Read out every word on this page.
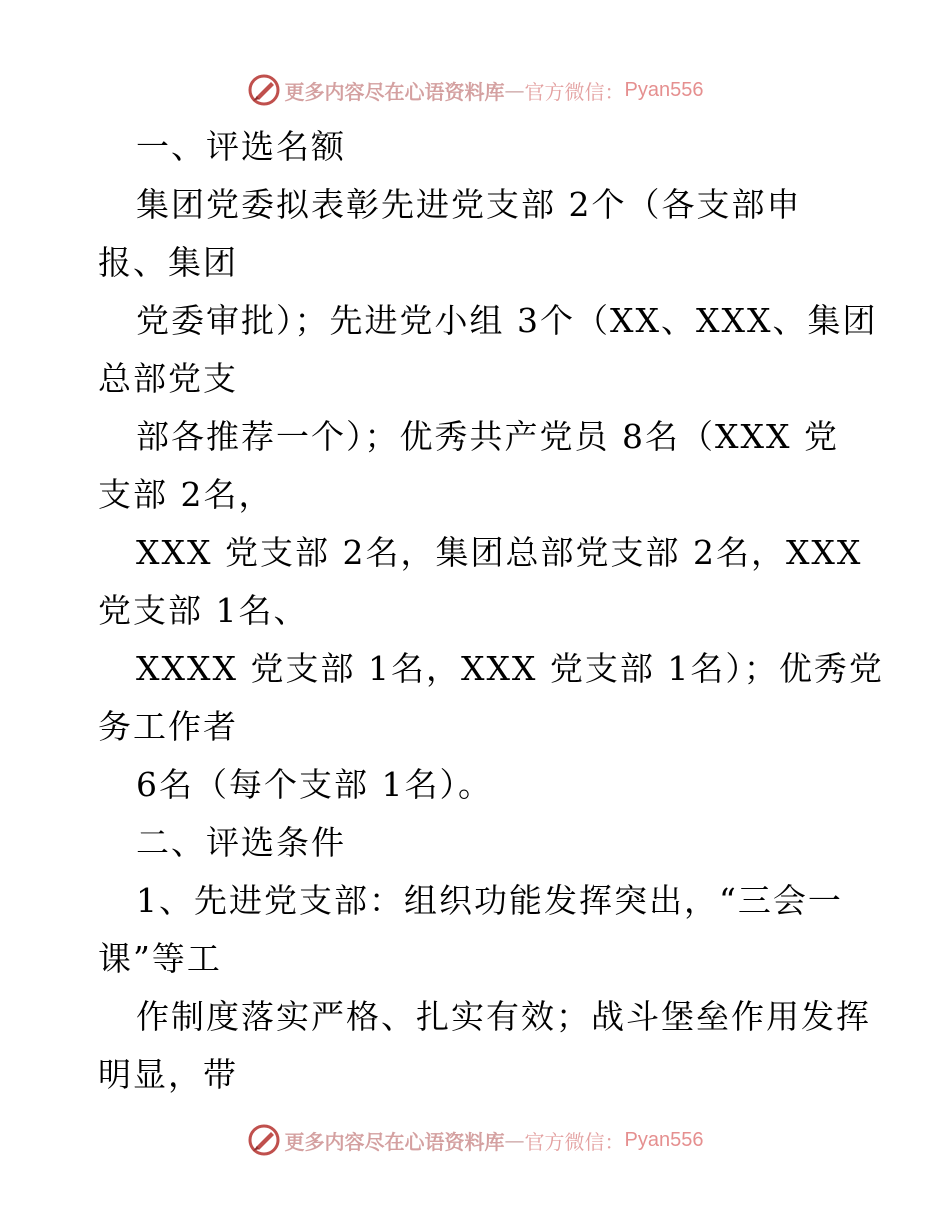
更多内容尽在心语资料库 — 官方微信： Pyan556
一、评选名额
集团党委拟表彰先进党支部 2个（各支部申
报、集团
党委审批）；先进党小组 3个（XX、XXX、集团
总部党支
部各推荐一个）；优秀共产党员 8名（XXX 党
支部 2名，
XXX 党支部 2名，集团总部党支部 2名，XXX
党支部 1名、
XXXX 党支部 1名，XXX 党支部 1名）；优秀党
务工作者
6名（每个支部 1名）。
二、评选条件
1、先进党支部：组织功能发挥突出，“三会一
课”等工
作制度落实严格、扎实有效；战斗堡垒作用发挥
明显，带
更多内容尽在心语资料库 — 官方微信： Pyan556
